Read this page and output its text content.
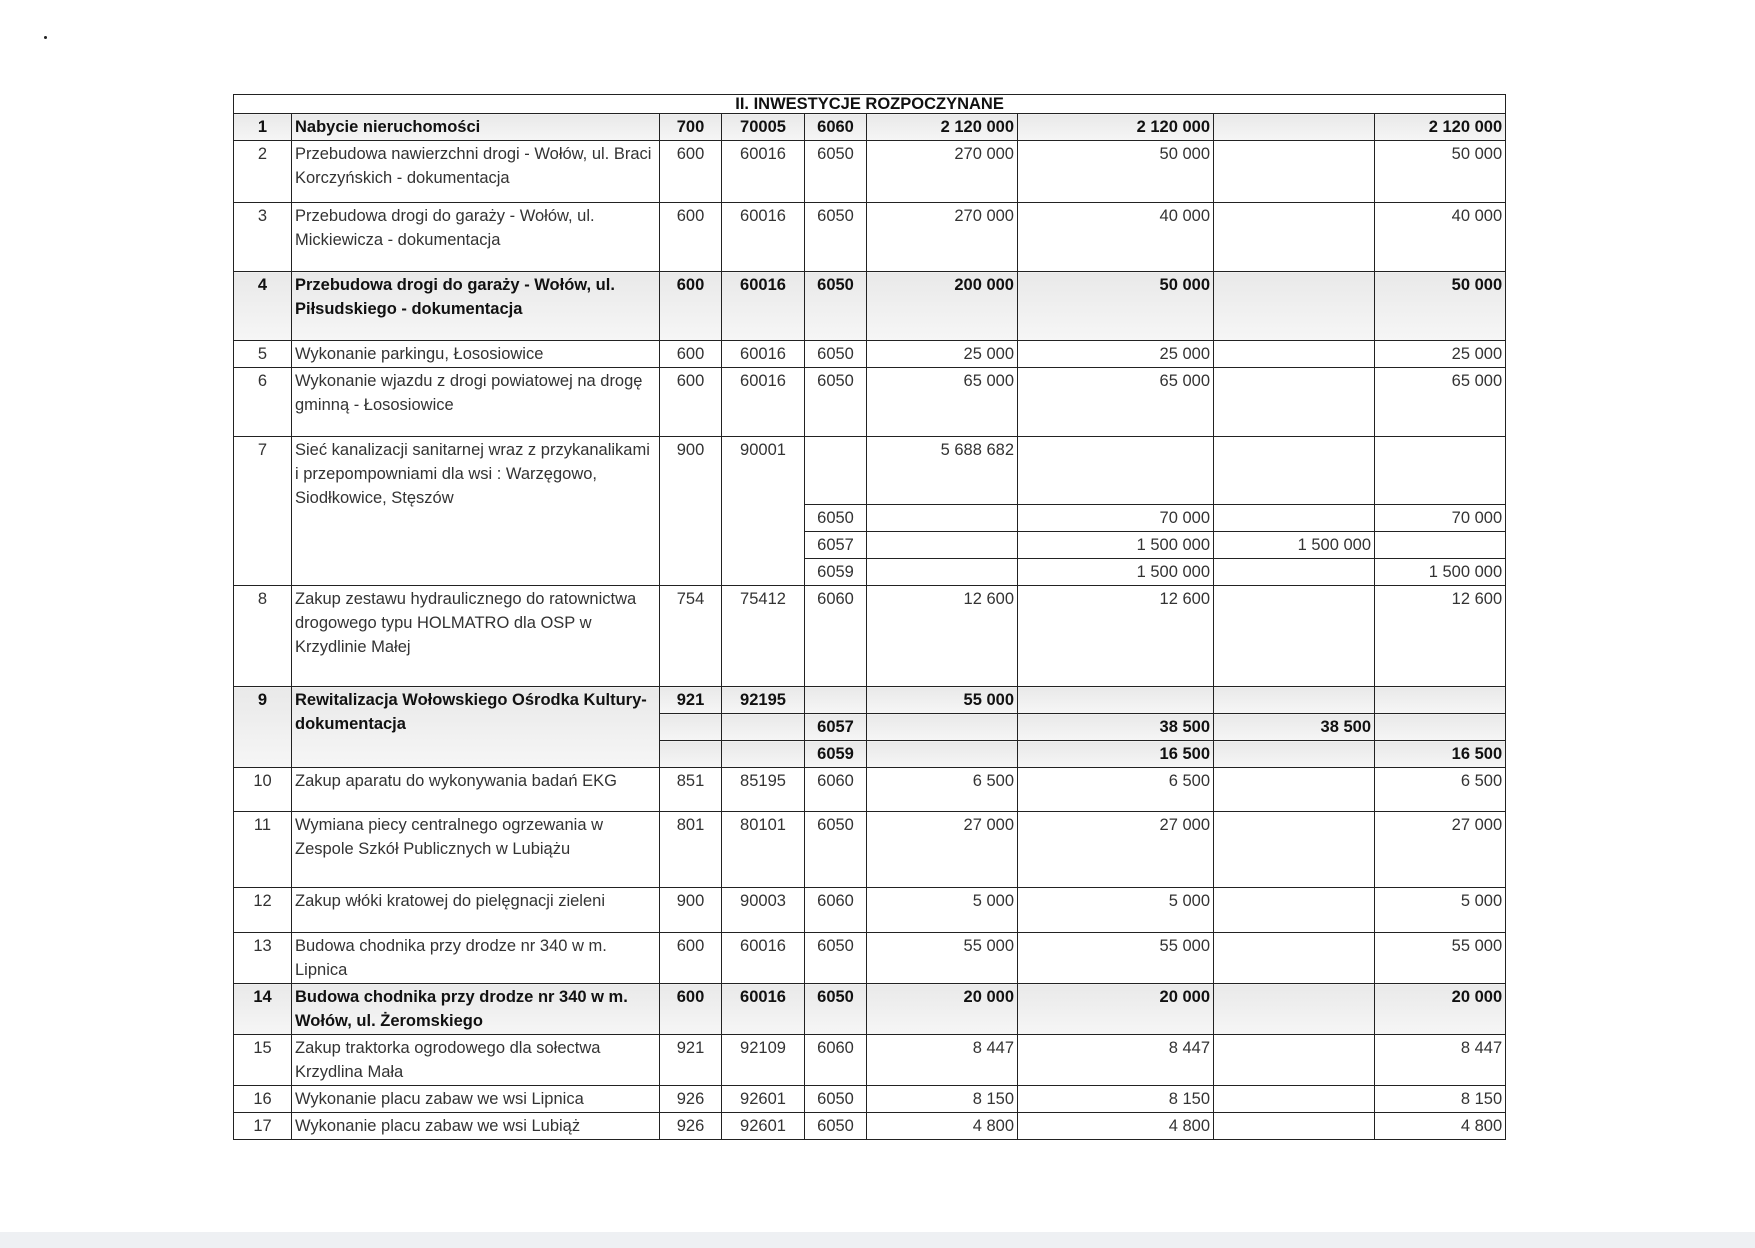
II. INWESTYCJE ROZPOCZYNANE								
1	Nabycie nieruchomości	700	70005	6060	2 120 000	2 120 000		2 120 000
2	Przebudowa nawierzchni drogi - Wołów, ul. Braci Korczyńskich - dokumentacja	600	60016	6050	270 000	50 000		50 000
3	Przebudowa drogi do garaży - Wołów, ul. Mickiewicza - dokumentacja	600	60016	6050	270 000	40 000		40 000
4	Przebudowa drogi do garaży - Wołów, ul. Piłsudskiego - dokumentacja	600	60016	6050	200 000	50 000		50 000
5	Wykonanie parkingu, Łososiowice	600	60016	6050	25 000	25 000		25 000
6	Wykonanie wjazdu z drogi powiatowej na drogę gminną - Łososiowice	600	60016	6050	65 000	65 000		65 000
7	Sieć kanalizacji sanitarnej wraz z przykanalikami i przepompowniami dla wsi : Warzęgowo, Siodłkowice, Stęszów	900	90001		5 688 682			
				6050		70 000		70 000
				6057		1 500 000	1 500 000	
				6059		1 500 000		1 500 000
8	Zakup zestawu hydraulicznego do ratownictwa drogowego typu HOLMATRO dla OSP w Krzydlinie Małej	754	75412	6060	12 600	12 600		12 600
9	Rewitalizacja Wołowskiego Ośrodka Kultury- dokumentacja	921	92195		55 000			
				6057		38 500	38 500	
				6059		16 500		16 500
10	Zakup aparatu do wykonywania badań EKG	851	85195	6060	6 500	6 500		6 500
11	Wymiana piecy centralnego ogrzewania w Zespole Szkół Publicznych w Lubiążu	801	80101	6050	27 000	27 000		27 000
12	Zakup włóki kratowej do pielęgnacji zieleni	900	90003	6060	5 000	5 000		5 000
13	Budowa chodnika przy drodze nr 340 w m. Lipnica	600	60016	6050	55 000	55 000		55 000
14	Budowa chodnika przy drodze nr 340 w m. Wołów, ul. Żeromskiego	600	60016	6050	20 000	20 000		20 000
15	Zakup traktorka ogrodowego dla sołectwa Krzydlina Mała	921	92109	6060	8 447	8 447		8 447
16	Wykonanie placu zabaw we wsi Lipnica	926	92601	6050	8 150	8 150		8 150
17	Wykonanie placu zabaw we wsi Lubiąż	926	92601	6050	4 800	4 800		4 800
